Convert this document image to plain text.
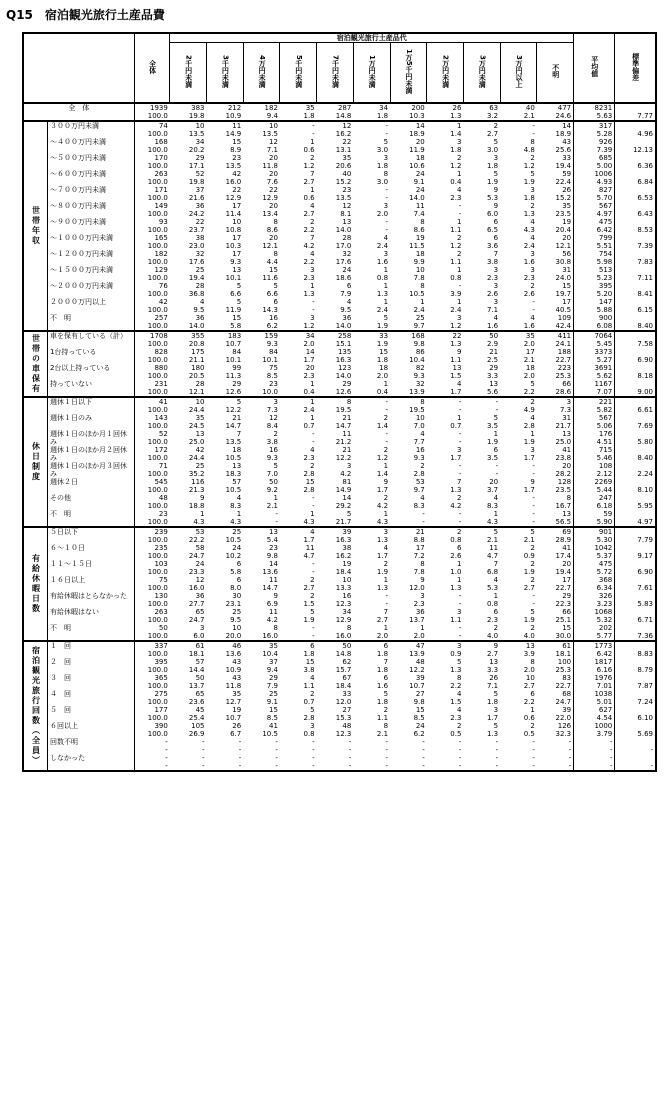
Q15　宿泊観光旅行土産品費
		全体	宿泊観光旅行土産品代											平均値	標準偏差
			2千円未満	3千円未満	4万円未満	5千円未満	7千円未満	1万円未満	1万5千円未満	2万円未満	3万円未満	3万円以上	不明		
全　体		1939	383	212	182	35	287	34	200	26	63	40	477	8231	
		100.0	19.8	10.9	9.4	1.8	14.8	1.8	10.3	1.3	3.2	2.1	24.6	5.63	7.77
世帯年収	３００万円未満	74	10	11	10	-	12	-	14	1	2	-	14	317	
		100.0	13.5	14.9	13.5	-	16.2	-	18.9	1.4	2.7	-	18.9	5.28	4.96
	～４００万円未満	168	34	15	12	1	22	5	20	3	5	8	43	926	
		100.0	20.2	8.9	7.1	0.6	13.1	3.0	11.9	1.8	3.0	4.8	25.6	7.39	12.13
	～５００万円未満	170	29	23	20	2	35	3	18	2	3	2	33	685	
		100.0	17.1	13.5	11.8	1.2	20.6	1.8	10.6	1.2	1.8	1.2	19.4	5.00	6.36
	～６００万円未満	263	52	42	20	7	40	8	24	1	5	5	59	1006	
		100.0	19.8	16.0	7.6	2.7	15.2	3.0	9.1	0.4	1.9	1.9	22.4	4.93	6.84
	～７００万円未満	171	37	22	22	1	23	-	24	4	9	3	26	827	
		100.0	21.6	12.9	12.9	0.6	13.5	-	14.0	2.3	5.3	1.8	15.2	5.70	6.53
	～８００万円未満	149	36	17	20	4	12	3	11	-	9	2	35	567	
		100.0	24.2	11.4	13.4	2.7	8.1	2.0	7.4	-	6.0	1.3	23.5	4.97	6.43
	～９００万円未満	93	22	10	8	2	13	-	8	1	6	4	19	475	
		100.0	23.7	10.8	8.6	2.2	14.0	-	8.6	1.1	6.5	4.3	20.4	6.42	8.53
	～１０００万円未満	165	38	17	20	7	28	4	19	2	6	4	20	799	
		100.0	23.0	10.3	12.1	4.2	17.0	2.4	11.5	1.2	3.6	2.4	12.1	5.51	7.39
	～１２００万円未満	182	32	17	8	4	32	3	18	2	7	3	56	754	
		100.0	17.6	9.3	4.4	2.2	17.6	1.6	9.9	1.1	3.8	1.6	30.8	5.98	7.83
	～１５００万円未満	129	25	13	15	3	24	1	10	1	3	3	31	513	
		100.0	19.4	10.1	11.6	2.3	18.6	0.8	7.8	0.8	2.3	2.3	24.0	5.23	7.11
	～２０００万円未満	76	28	5	5	1	6	1	8	-	3	2	15	395	
		100.0	36.8	6.6	6.6	1.3	7.9	1.3	10.5	3.9	2.6	2.6	19.7	5.20	8.41
	２０００万円以上	42	4	5	6	-	4	1	1	1	3	-	17	147	
		100.0	9.5	11.9	14.3	-	9.5	2.4	2.4	2.4	7.1	-	40.5	5.88	6.15
	不　明	257	36	15	16	3	36	5	25	3	4	4	109	900	
		100.0	14.0	5.8	6.2	1.2	14.0	1.9	9.7	1.2	1.6	1.6	42.4	6.08	8.40
世帯の車保有	車を保有している（計）	1708	355	183	159	34	258	33	168	22	50	35	411	7064	
		100.0	20.8	10.7	9.3	2.0	15.1	1.9	9.8	1.3	2.9	2.0	24.1	5.45	7.58
	1台持っている	828	175	84	84	14	135	15	86	9	21	17	188	3373	
		100.0	21.1	10.1	10.1	1.7	16.3	1.8	10.4	1.1	2.5	2.1	22.7	5.27	6.90
	2台以上持っている	880	180	99	75	20	123	18	82	13	29	18	223	3691	
		100.0	20.5	11.3	8.5	2.3	14.0	2.0	9.3	1.5	3.3	2.0	25.3	5.62	8.18
	持っていない	231	28	29	23	1	29	1	32	4	13	5	66	1167	
		100.0	12.1	12.6	10.0	0.4	12.6	0.4	13.9	1.7	5.6	2.2	28.6	7.07	9.00
休日制度	週休１日以下	41	10	5	3	1	8	-	8	-	-	2	3	221	
		100.0	24.4	12.2	7.3	2.4	19.5	-	19.5	-	-	4.9	7.3	5.82	6.61
	週休１日のみ	143	35	21	12	1	21	2	10	1	5	4	31	567	
		100.0	24.5	14.7	8.4	0.7	14.7	1.4	7.0	0.7	3.5	2.8	21.7	5.06	7.69
	週休１日のほか月１回休み	52	13	7	2	-	11	-	4	-	1	1	13	176	
		100.0	25.0	13.5	3.8	-	21.2	-	7.7	-	1.9	1.9	25.0	4.51	5.80
	週休１日のほか月２回休み	172	42	18	16	4	21	2	16	3	6	3	41	715	
		100.0	24.4	10.5	9.3	2.3	12.2	1.2	9.3	1.7	3.5	1.7	23.8	5.46	8.40
	週休１日のほか月３回休み	71	25	13	5	2	3	1	2	-	-	-	20	108	
		100.0	35.2	18.3	7.0	2.8	4.2	1.4	2.8	-	-	-	28.2	2.12	2.24
	週休２日	545	116	57	50	15	81	9	53	7	20	9	128	2269	
		100.0	21.3	10.5	9.2	2.8	14.9	1.7	9.7	1.3	3.7	1.7	23.5	5.44	8.10
	その他	48	9	4	1	-	14	2	4	2	4	-	8	247	
		100.0	18.8	8.3	2.1	-	29.2	4.2	8.3	4.2	8.3	-	16.7	6.18	5.95
	不　明	23	1	1	-	1	5	1	-	-	1	-	13	59	
		100.0	4.3	4.3	-	4.3	21.7	4.3	-	-	4.3	-	56.5	5.90	4.97
有給休暇日数	５日以下	239	53	25	13	4	39	3	21	2	5	5	69	901	
		100.0	22.2	10.5	5.4	1.7	16.3	1.3	8.8	0.8	2.1	2.1	28.9	5.30	7.79
	６～１０日	235	58	24	23	11	38	4	17	6	11	2	41	1042	
		100.0	24.7	10.2	9.8	4.7	16.2	1.7	7.2	2.6	4.7	0.9	17.4	5.37	9.17
	１１～１５日	103	24	6	14	-	19	2	8	1	7	2	20	475	
		100.0	23.3	5.8	13.6	-	18.4	1.9	7.8	1.0	6.8	1.9	19.4	5.72	6.90
	１６日以上	75	12	6	11	2	10	1	9	1	4	2	17	368	
		100.0	16.0	8.0	14.7	2.7	13.3	1.3	12.0	1.3	5.3	2.7	22.7	6.34	7.61
	有給休暇はとらなかった	130	36	30	9	2	16	-	3	-	1	-	29	326	
		100.0	27.7	23.1	6.9	1.5	12.3	-	2.3	-	0.8	-	22.3	3.23	5.83
	有給休暇はない	263	65	25	11	5	34	7	36	3	6	5	66	1068	
		100.0	24.7	9.5	4.2	1.9	12.9	2.7	13.7	1.1	2.3	1.9	25.1	5.32	6.71
	不　明	50	3	10	8	-	8	1	1	-	2	2	15	202	
		100.0	6.0	20.0	16.0	-	16.0	2.0	2.0	-	4.0	4.0	30.0	5.77	7.36
宿泊観光旅行回数（全員）	１　回	337	61	46	35	6	50	6	47	3	9	13	61	1773	
		100.0	18.1	13.6	10.4	1.8	14.8	1.8	13.9	0.9	2.7	3.9	18.1	6.42	8.83
	２　回	395	57	43	37	15	62	7	48	5	13	8	100	1817	
		100.0	14.4	10.9	9.4	3.8	15.7	1.8	12.2	1.3	3.3	2.0	25.3	6.16	8.79
	３　回	365	50	43	29	4	67	6	39	8	26	10	83	1976	
		100.0	13.7	11.8	7.9	1.1	18.4	1.6	10.7	2.2	7.1	2.7	22.7	7.01	7.87
	４　回	275	65	35	25	2	33	5	27	4	5	6	68	1038	
		100.0	23.6	12.7	9.1	0.7	12.0	1.8	9.8	1.5	1.8	2.2	24.7	5.01	7.24
	５　回	177	45	19	15	5	27	2	15	4	3	1	39	627	
		100.0	25.4	10.7	8.5	2.8	15.3	1.1	8.5	2.3	1.7	0.6	22.0	4.54	6.10
	６回以上	390	105	26	41	3	48	8	24	2	5	2	126	1000	
		100.0	26.9	6.7	10.5	0.8	12.3	2.1	6.2	0.5	1.3	0.5	32.3	3.79	5.69
	回数不明	-	-	-	-	-	-	-	-	-	-	-	-	-	
		-	-	-	-	-	-	-	-	-	-	-	-	-	-
	しなかった	-	-	-	-	-	-	-	-	-	-	-	-	-	
		-	-	-	-	-	-	-	-	-	-	-	-	-	-
